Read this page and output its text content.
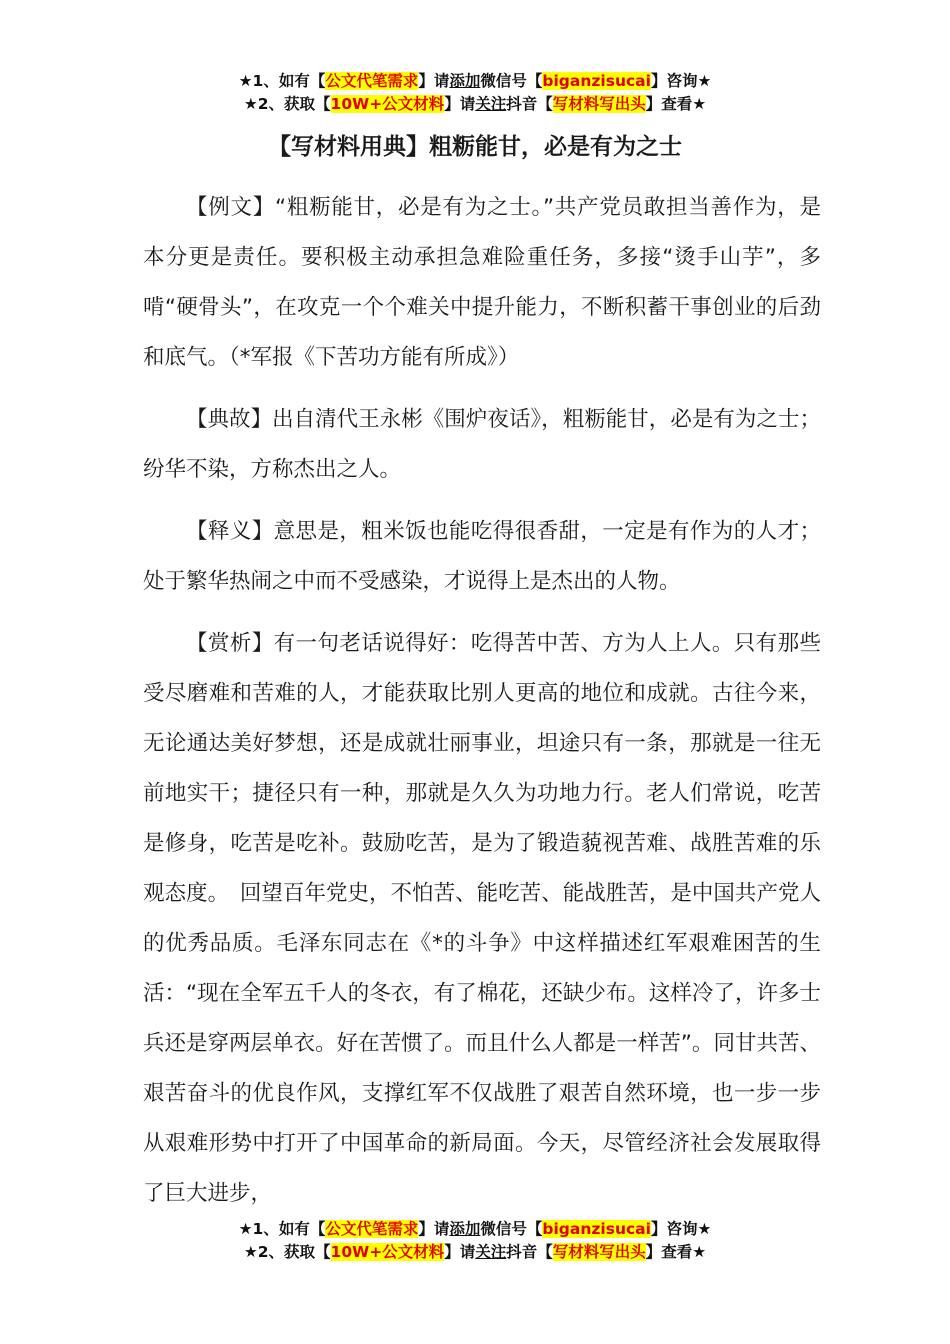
★1、如有【公文代笔需求】请添加微信号【biganzisucai】咨询★
★2、获取【10W+公文材料】请关注抖音【写材料写出头】查看★
【写材料用典】粗粝能甘，必是有为之士

【例文】“粗粝能甘，必是有为之士。”共产党员敢担当善作为，是本分更是责任。要积极主动承担急难险重任务，多接“烫手山芋”，多啃“硬骨头”，在攻克一个个难关中提升能力，不断积蓄干事创业的后劲和底气。（*军报《下苦功方能有所成》）

【典故】出自清代王永彬《围炉夜话》，粗粝能甘，必是有为之士；纷华不染，方称杰出之人。

【释义】意思是，粗米饭也能吃得很香甜，一定是有作为的人才；处于繁华热闹之中而不受感染，才说得上是杰出的人物。

【赏析】有一句老话说得好：吃得苦中苦、方为人上人。只有那些受尽磨难和苦难的人，才能获取比别人更高的地位和成就。古往今来，无论通达美好梦想，还是成就壮丽事业，坦途只有一条，那就是一往无前地实干；捷径只有一种，那就是久久为功地力行。老人们常说，吃苦是修身，吃苦是吃补。鼓励吃苦，是为了锻造藐视苦难、战胜苦难的乐观态度。　回望百年党史，不怕苦、能吃苦、能战胜苦，是中国共产党人的优秀品质。毛泽东同志在《*的斗争》中这样描述红军艰难困苦的生活：“现在全军五千人的冬衣，有了棉花，还缺少布。这样冷了，许多士兵还是穿两层单衣。好在苦惯了。而且什么人都是一样苦”。同甘共苦、艰苦奋斗的优良作风，支撑红军不仅战胜了艰苦自然环境，也一步一步从艰难形势中打开了中国革命的新局面。今天，尽管经济社会发展取得了巨大进步，

★1、如有【公文代笔需求】请添加微信号【biganzisucai】咨询★
★2、获取【10W+公文材料】请关注抖音【写材料写出头】查看★
